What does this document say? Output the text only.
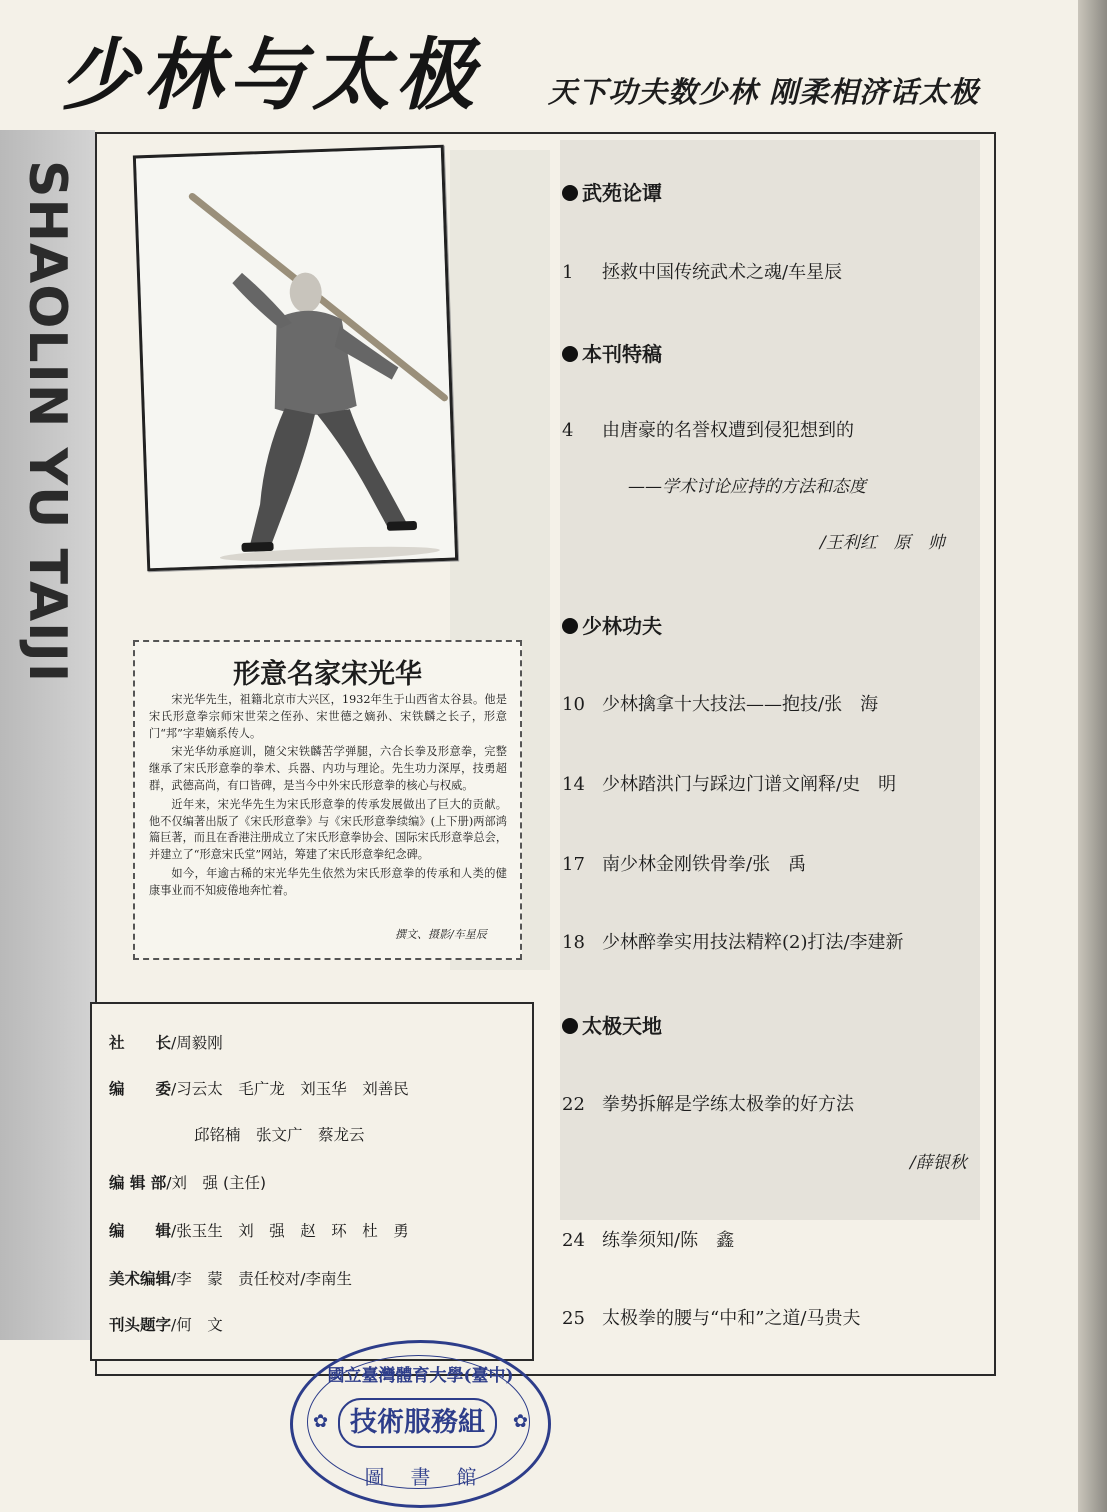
少林与太极	天下功夫数少林 刚柔相济话太极
SHAOLIN YU TAIJI	形意名家宋光华

宋光华先生，祖籍北京市大兴区，1932年生于山西省太谷县。他是宋氏形意拳宗师宋世荣之侄孙、宋世德之嫡孙、宋铁麟之长子，形意门“邦”字辈嫡系传人。

宋光华幼承庭训，随父宋铁麟苦学弹腿，六合长拳及形意拳，完整继承了宋氏形意拳的拳术、兵器、内功与理论。先生功力深厚，技勇超群，武德高尚，有口皆碑，是当今中外宋氏形意拳的核心与权威。

近年来，宋光华先生为宋氏形意拳的传承发展做出了巨大的贡献。他不仅编著出版了《宋氏形意拳》与《宋氏形意拳续编》(上下册)两部鸿篇巨著，而且在香港注册成立了宋氏形意拳协会、国际宋氏形意拳总会，并建立了“形意宋氏堂”网站，筹建了宋氏形意拳纪念碑。

如今，年逾古稀的宋光华先生依然为宋氏形意拳的传承和人类的健康事业而不知疲倦地奔忙着。

撰文、摄影/车星辰
武苑论谭
1 拯救中国传统武术之魂/车星辰
本刊特稿
4 由唐豪的名誉权遭到侵犯想到的
——学术讨论应持的方法和态度
/王利红　原　帅
少林功夫
10 少林擒拿十大技法——抱技/张　海
14 少林踏洪门与踩边门谱文阐释/史　明
17 南少林金刚铁骨拳/张　禹
18 少林醉拳实用技法精粹(2)打法/李建新
太极天地
22 拳势拆解是学练太极拳的好方法
/薛银秋
24 练拳须知/陈　鑫
25 太极拳的腰与“中和”之道/马贵夫
社　　长/周毅刚
编　　委/习云太　毛广龙　刘玉华　刘善民
邱铭楠　张文广　蔡龙云
编 辑 部/刘　强 (主任)
编　　辑/张玉生　刘　强　赵　环　杜　勇
美术编辑/李　蒙　责任校对/李南生
刊头题字/何　文
國立臺灣體育大學(臺中)
✿ 技術服務組	✿
圖書館
